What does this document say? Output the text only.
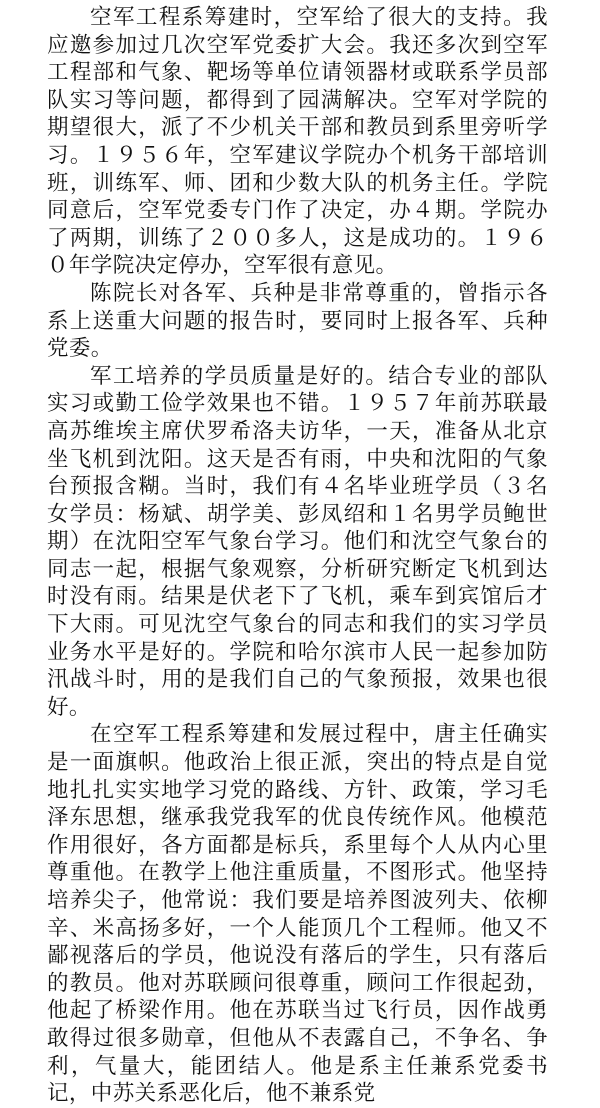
空军工程系筹建时，空军给了很大的支持。我应邀参加过几次空军党委扩大会。我还多次到空军工程部和气象、靶场等单位请领器材或联系学员部队实习等问题，都得到了园满解决。空军对学院的期望很大，派了不少机关干部和教员到系里旁听学习。１９５６年，空军建议学院办个机务干部培训班，训练军、师、团和少数大队的机务主任。学院同意后，空军党委专门作了决定，办４期。学院办了两期，训练了２００多人，这是成功的。１９６０年学院决定停办，空军很有意见。

陈院长对各军、兵种是非常尊重的，曾指示各系上送重大问题的报告时，要同时上报各军、兵种党委。

军工培养的学员质量是好的。结合专业的部队实习或勤工俭学效果也不错。１９５７年前苏联最高苏维埃主席伏罗希洛夫访华，一天，准备从北京坐飞机到沈阳。这天是否有雨，中央和沈阳的气象台预报含糊。当时，我们有４名毕业班学员（３名女学员：杨斌、胡学美、彭凤绍和１名男学员鲍世期）在沈阳空军气象台学习。他们和沈空气象台的同志一起，根据气象观察，分析研究断定飞机到达时没有雨。结果是伏老下了飞机，乘车到宾馆后才下大雨。可见沈空气象台的同志和我们的实习学员业务水平是好的。学院和哈尔滨市人民一起参加防汛战斗时，用的是我们自己的气象预报，效果也很好。

在空军工程系筹建和发展过程中，唐主任确实是一面旗帜。他政治上很正派，突出的特点是自觉地扎扎实实地学习党的路线、方针、政策，学习毛泽东思想，继承我党我军的优良传统作风。他模范作用很好，各方面都是标兵，系里每个人从内心里尊重他。在教学上他注重质量，不图形式。他坚持培养尖子，他常说：我们要是培养图波列夫、依柳辛、米高扬多好，一个人能顶几个工程师。他又不鄙视落后的学员，他说没有落后的学生，只有落后的教员。他对苏联顾问很尊重，顾问工作很起劲，他起了桥梁作用。他在苏联当过飞行员，因作战勇敢得过很多勋章，但他从不表露自己，不争名、争利，气量大，能团结人。他是系主任兼系党委书记，中苏关系恶化后，他不兼系党
